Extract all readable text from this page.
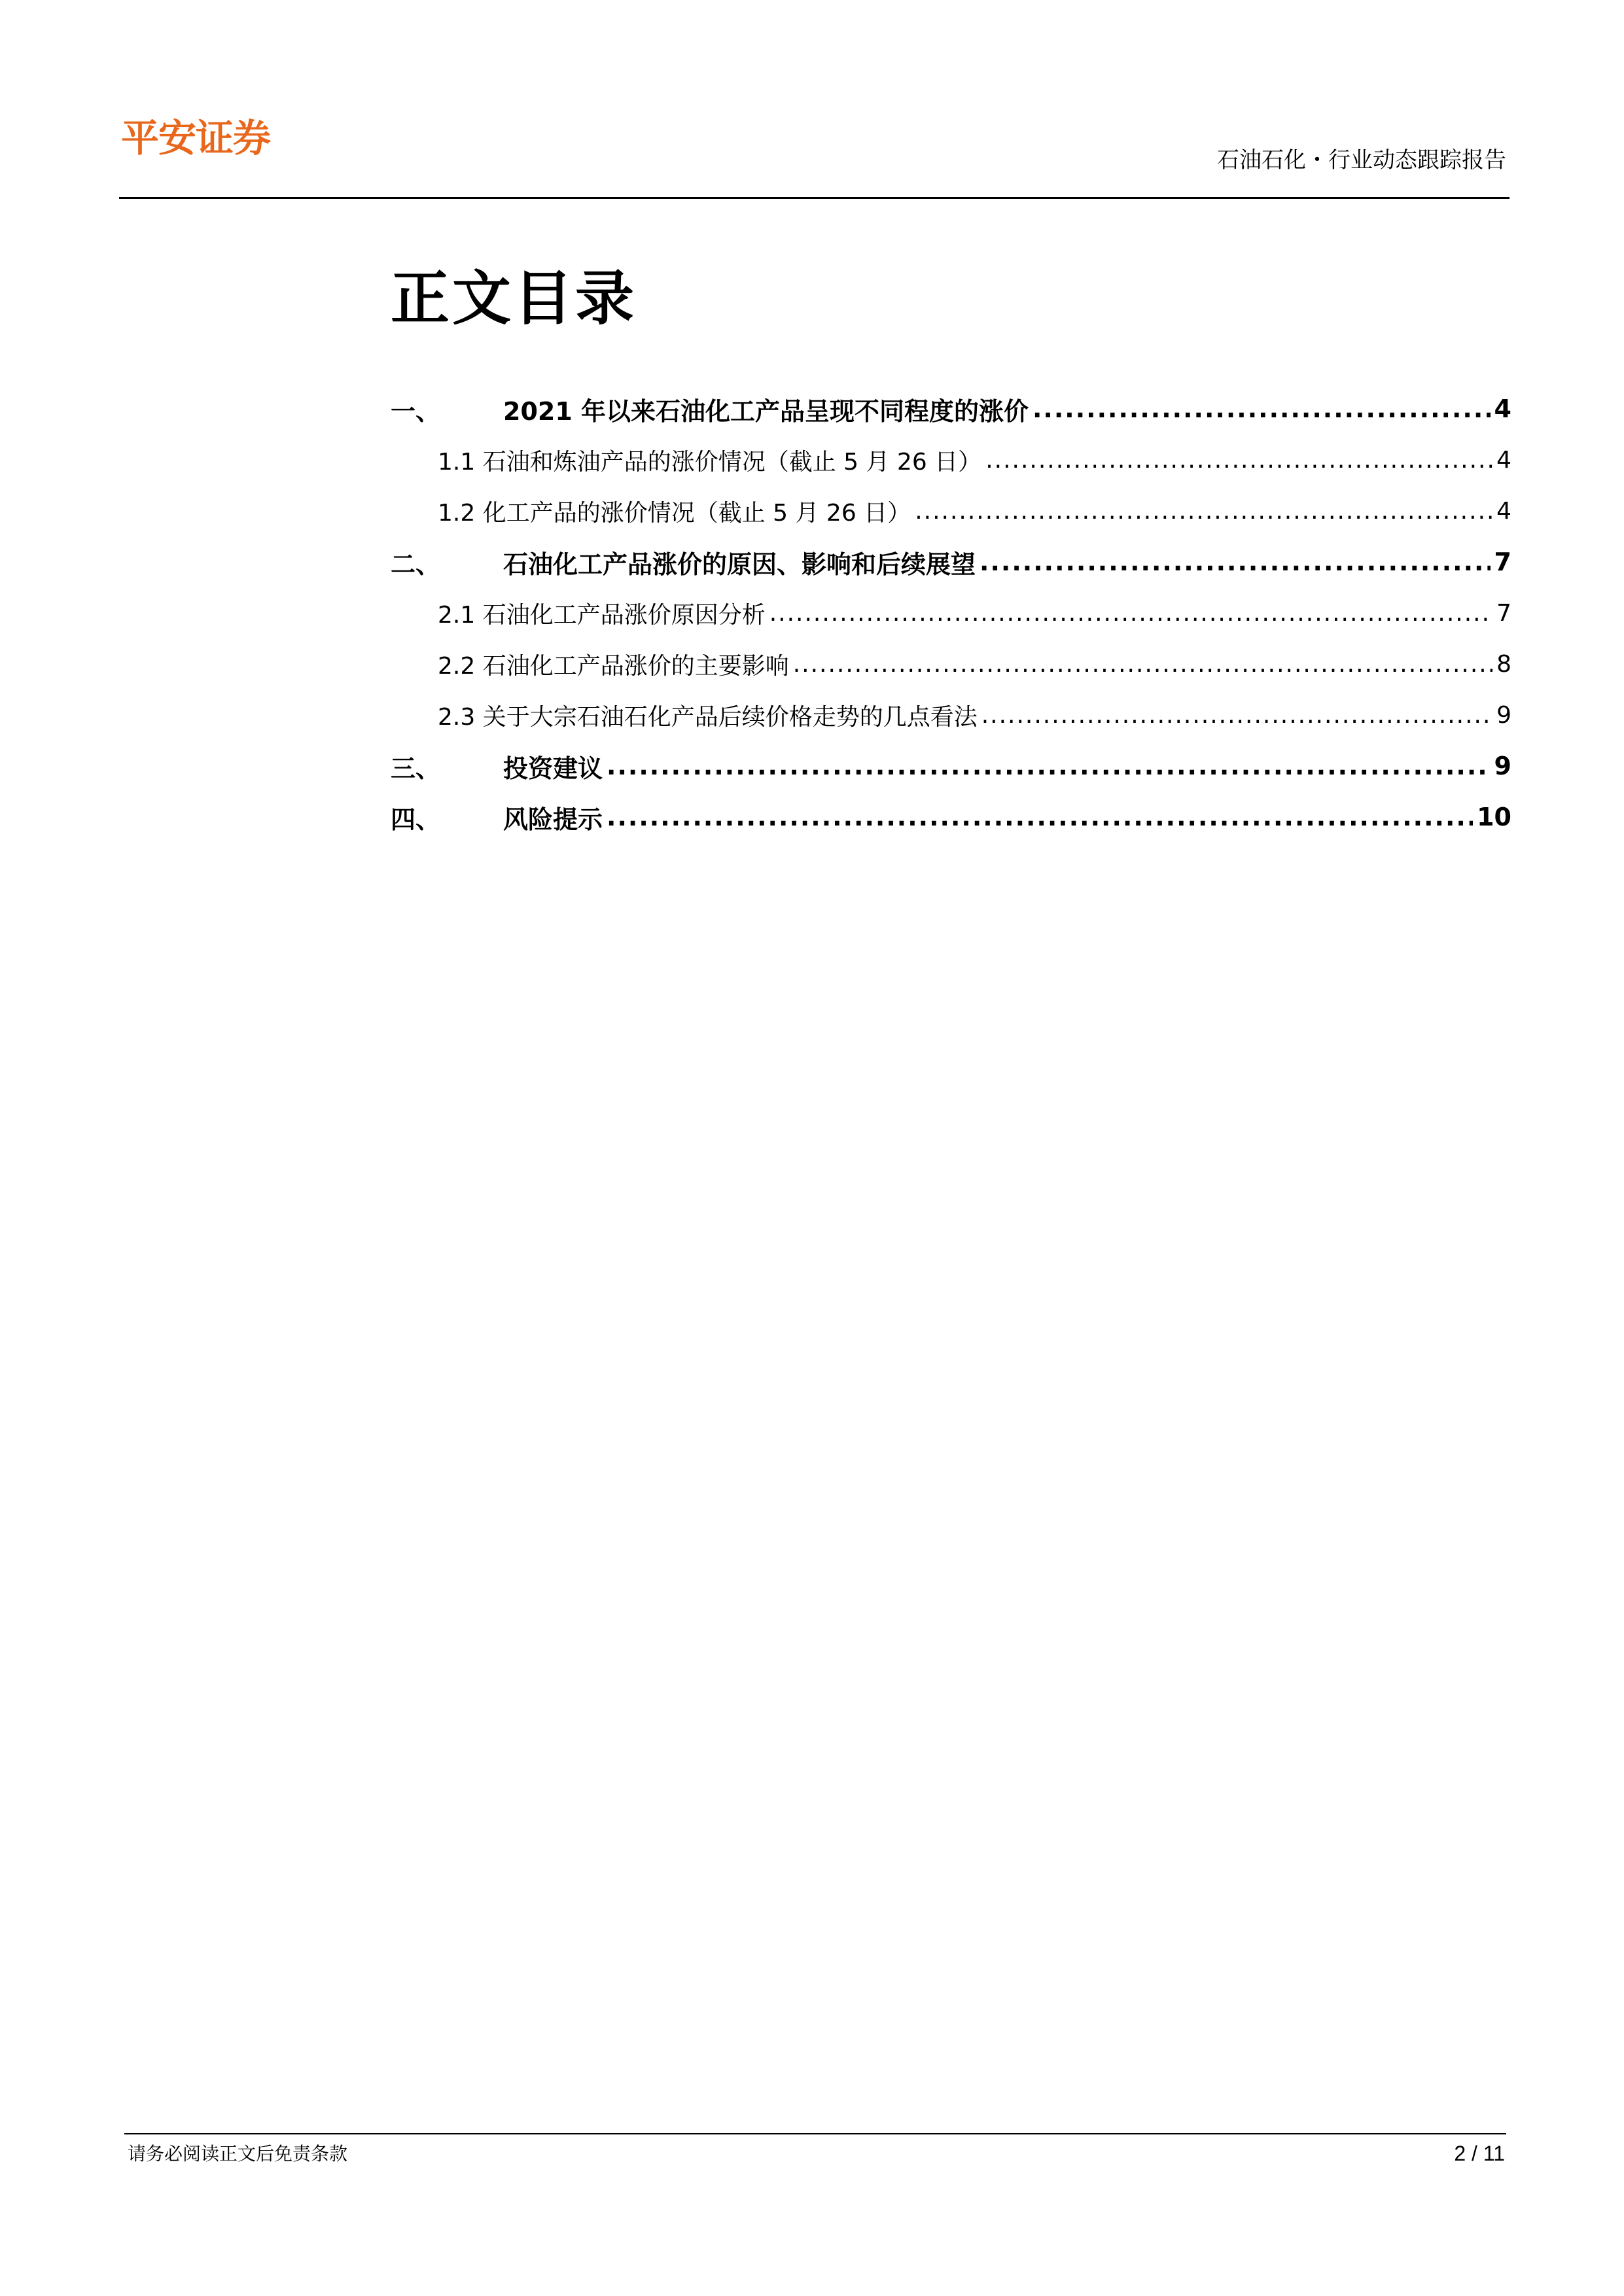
平安证券	石油石化・行业动态跟踪报告
正文目录
一、	2021 年以来石油化工产品呈现不同程度的涨价 .....	4
1.1 石油和炼油产品的涨价情况（截止 5 月 26 日） .....	4
1.2 化工产品的涨价情况（截止 5 月 26 日） .....	4
二、	石油化工产品涨价的原因、影响和后续展望 .....	7
2.1 石油化工产品涨价原因分析 .....	7
2.2 石油化工产品涨价的主要影响 .....	8
2.3 关于大宗石油石化产品后续价格走势的几点看法 .....	9
三、	投资建议 .....	9
四、	风险提示 .....	10
请务必阅读正文后免责条款	2 / 11
